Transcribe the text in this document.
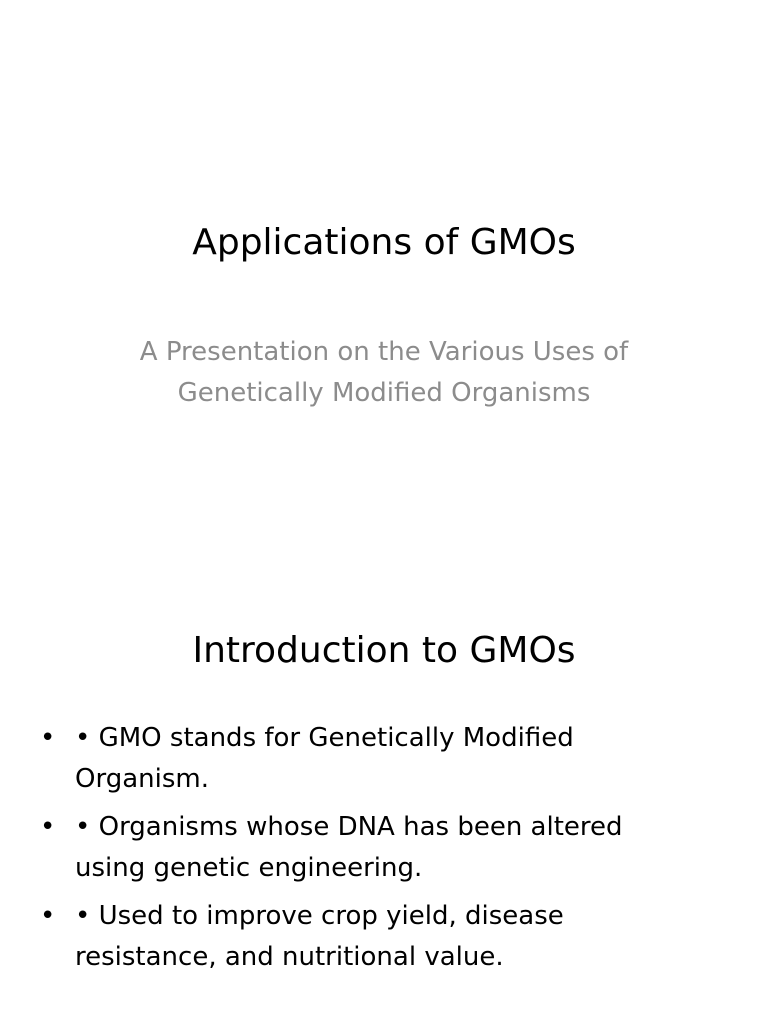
Applications of GMOs

A Presentation on the Various Uses of Genetically Modified Organisms

Introduction to GMOs
• • GMO stands for Genetically Modified Organism.
• • Organisms whose DNA has been altered using genetic engineering.
• • Used to improve crop yield, disease resistance, and nutritional value.
